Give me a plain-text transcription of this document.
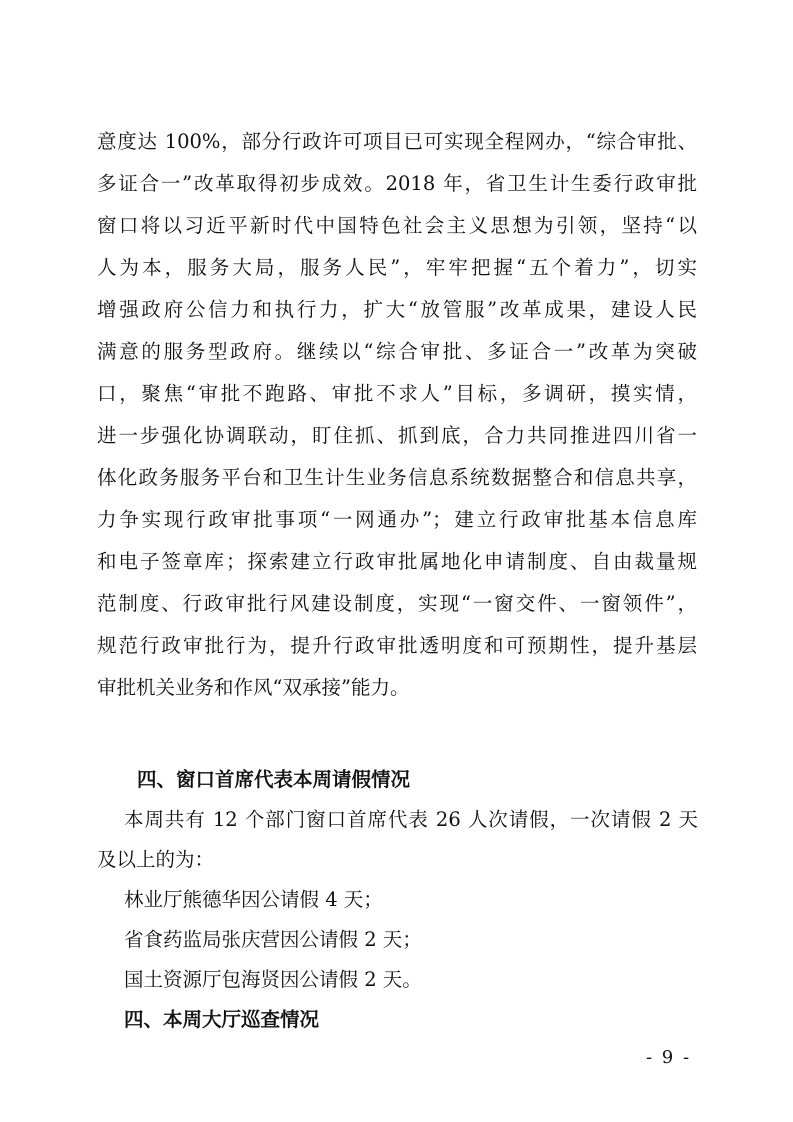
意度达 100%，部分行政许可项目已可实现全程网办，“综合审批、
多证合一”改革取得初步成效。2018 年，省卫生计生委行政审批
窗口将以习近平新时代中国特色社会主义思想为引领，坚持“以
人为本，服务大局，服务人民”，牢牢把握“五个着力”，切实
增强政府公信力和执行力，扩大“放管服”改革成果，建设人民
满意的服务型政府。继续以“综合审批、多证合一”改革为突破
口，聚焦“审批不跑路、审批不求人”目标，多调研，摸实情，
进一步强化协调联动，盯住抓、抓到底，合力共同推进四川省一
体化政务服务平台和卫生计生业务信息系统数据整合和信息共享，
力争实现行政审批事项“一网通办”；建立行政审批基本信息库
和电子签章库；探索建立行政审批属地化申请制度、自由裁量规
范制度、行政审批行风建设制度，实现“一窗交件、一窗领件”，
规范行政审批行为，提升行政审批透明度和可预期性，提升基层
审批机关业务和作风“双承接”能力。
四、窗口首席代表本周请假情况
本周共有 12 个部门窗口首席代表 26 人次请假，一次请假 2 天
及以上的为：
林业厅熊德华因公请假 4 天；
省食药监局张庆营因公请假 2 天；
国土资源厅包海贤因公请假 2 天。
四、本周大厅巡查情况
- 9 -
